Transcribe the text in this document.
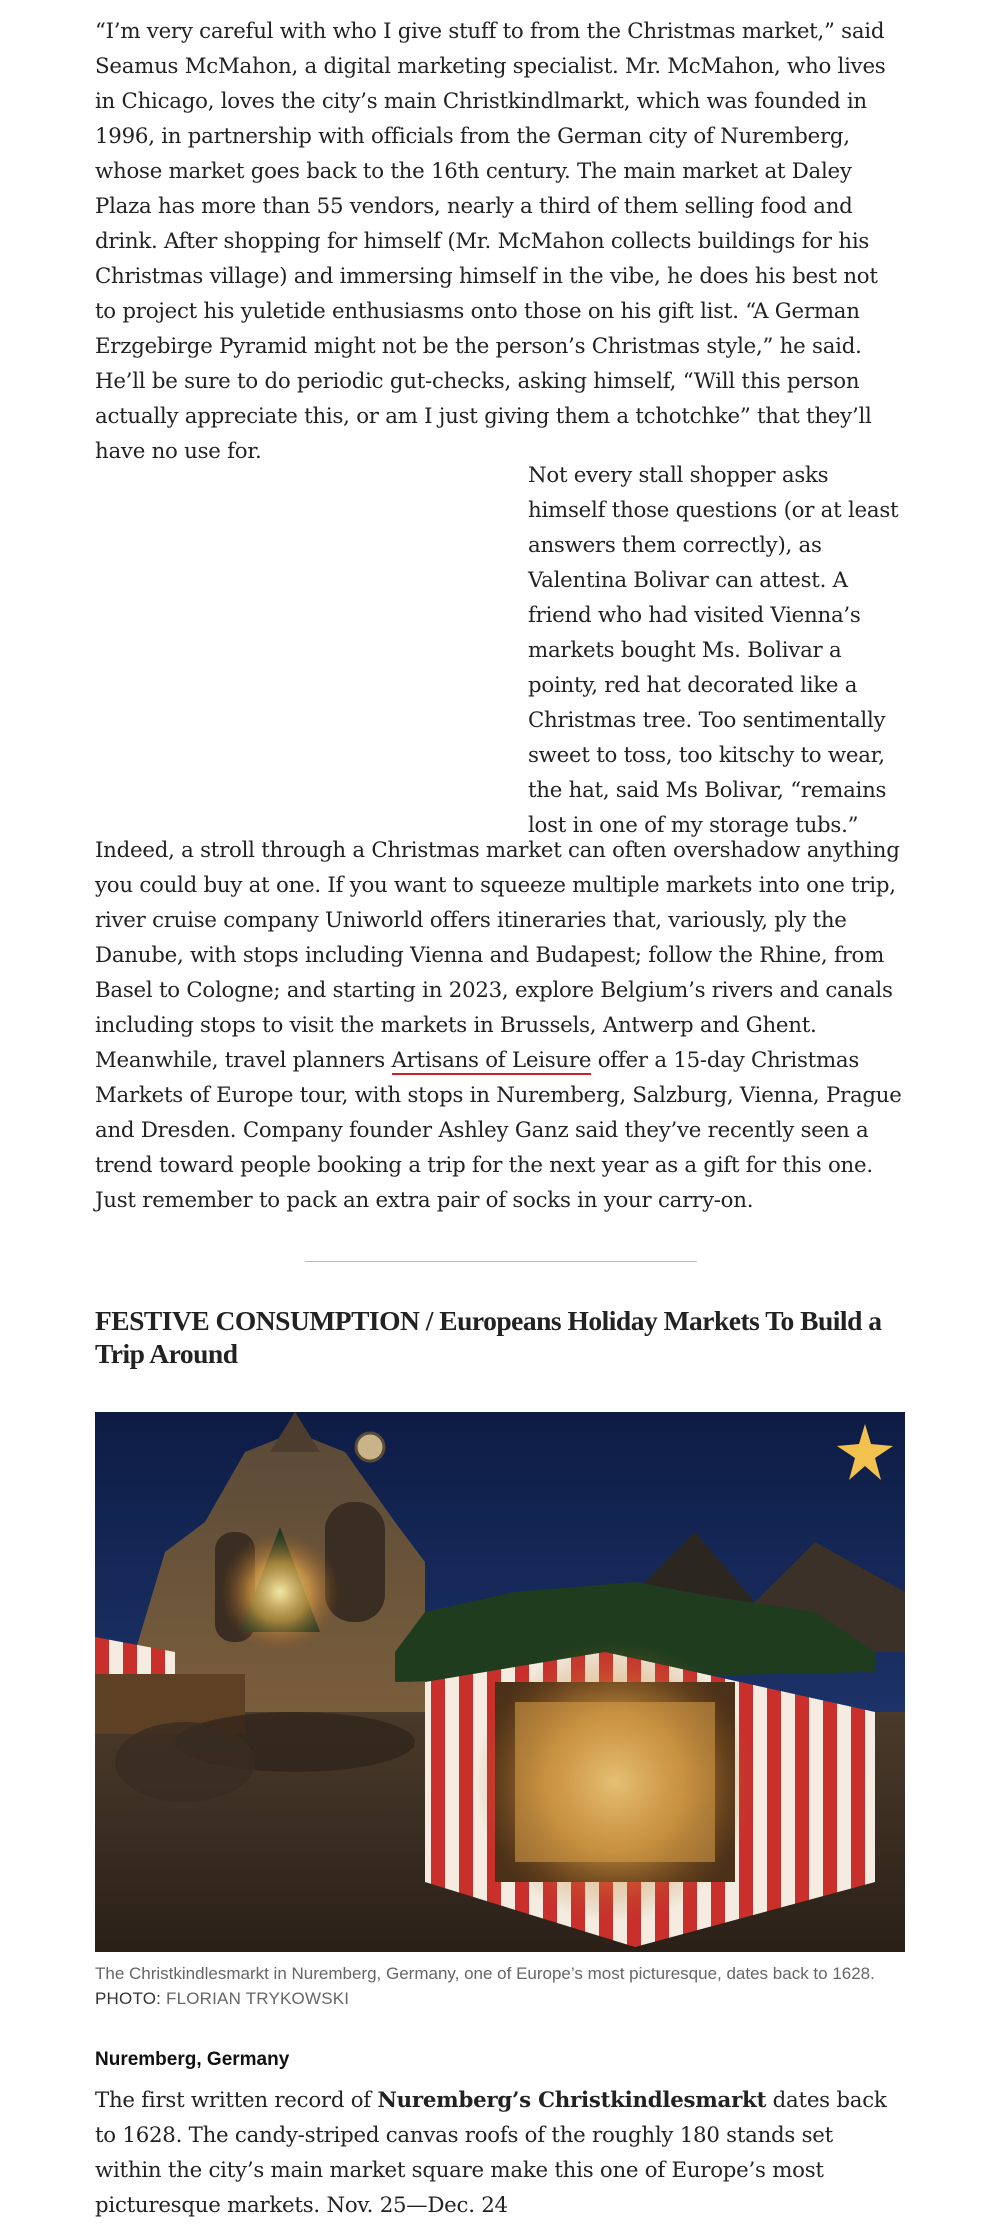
“I’m very careful with who I give stuff to from the Christmas market,” said Seamus McMahon, a digital marketing specialist. Mr. McMahon, who lives in Chicago, loves the city’s main Christkindlmarkt, which was founded in 1996, in partnership with officials from the German city of Nuremberg, whose market goes back to the 16th century. The main market at Daley Plaza has more than 55 vendors, nearly a third of them selling food and drink. After shopping for himself (Mr. McMahon collects buildings for his Christmas village) and immersing himself in the vibe, he does his best not to project his yuletide enthusiasms onto those on his gift list. “A German Erzgebirge Pyramid might not be the person’s Christmas style,” he said. He’ll be sure to do periodic gut-checks, asking himself, “Will this person actually appreciate this, or am I just giving them a tchotchke” that they’ll have no use for.

Not every stall shopper asks himself those questions (or at least answers them correctly), as Valentina Bolivar can attest. A friend who had visited Vienna’s markets bought Ms. Bolivar a pointy, red hat decorated like a Christmas tree. Too sentimentally sweet to toss, too kitschy to wear, the hat, said Ms Bolivar, “remains lost in one of my storage tubs.”

Indeed, a stroll through a Christmas market can often overshadow anything you could buy at one. If you want to squeeze multiple markets into one trip, river cruise company Uniworld offers itineraries that, variously, ply the Danube, with stops including Vienna and Budapest; follow the Rhine, from Basel to Cologne; and starting in 2023, explore Belgium’s rivers and canals including stops to visit the markets in Brussels, Antwerp and Ghent. Meanwhile, travel planners Artisans of Leisure offer a 15-day Christmas Markets of Europe tour, with stops in Nuremberg, Salzburg, Vienna, Prague and Dresden. Company founder Ashley Ganz said they’ve recently seen a trend toward people booking a trip for the next year as a gift for this one. Just remember to pack an extra pair of socks in your carry-on.

FESTIVE CONSUMPTION / Europeans Holiday Markets To Build a Trip Around
The Christkindlesmarkt in Nuremberg, Germany, one of Europe’s most picturesque, dates back to 1628.
PHOTO: FLORIAN TRYKOWSKI
Nuremberg, Germany

The first written record of Nuremberg’s Christkindlesmarkt dates back to 1628. The candy-striped canvas roofs of the roughly 180 stands set within the city’s main market square make this one of Europe’s most picturesque markets. Nov. 25—Dec. 24
